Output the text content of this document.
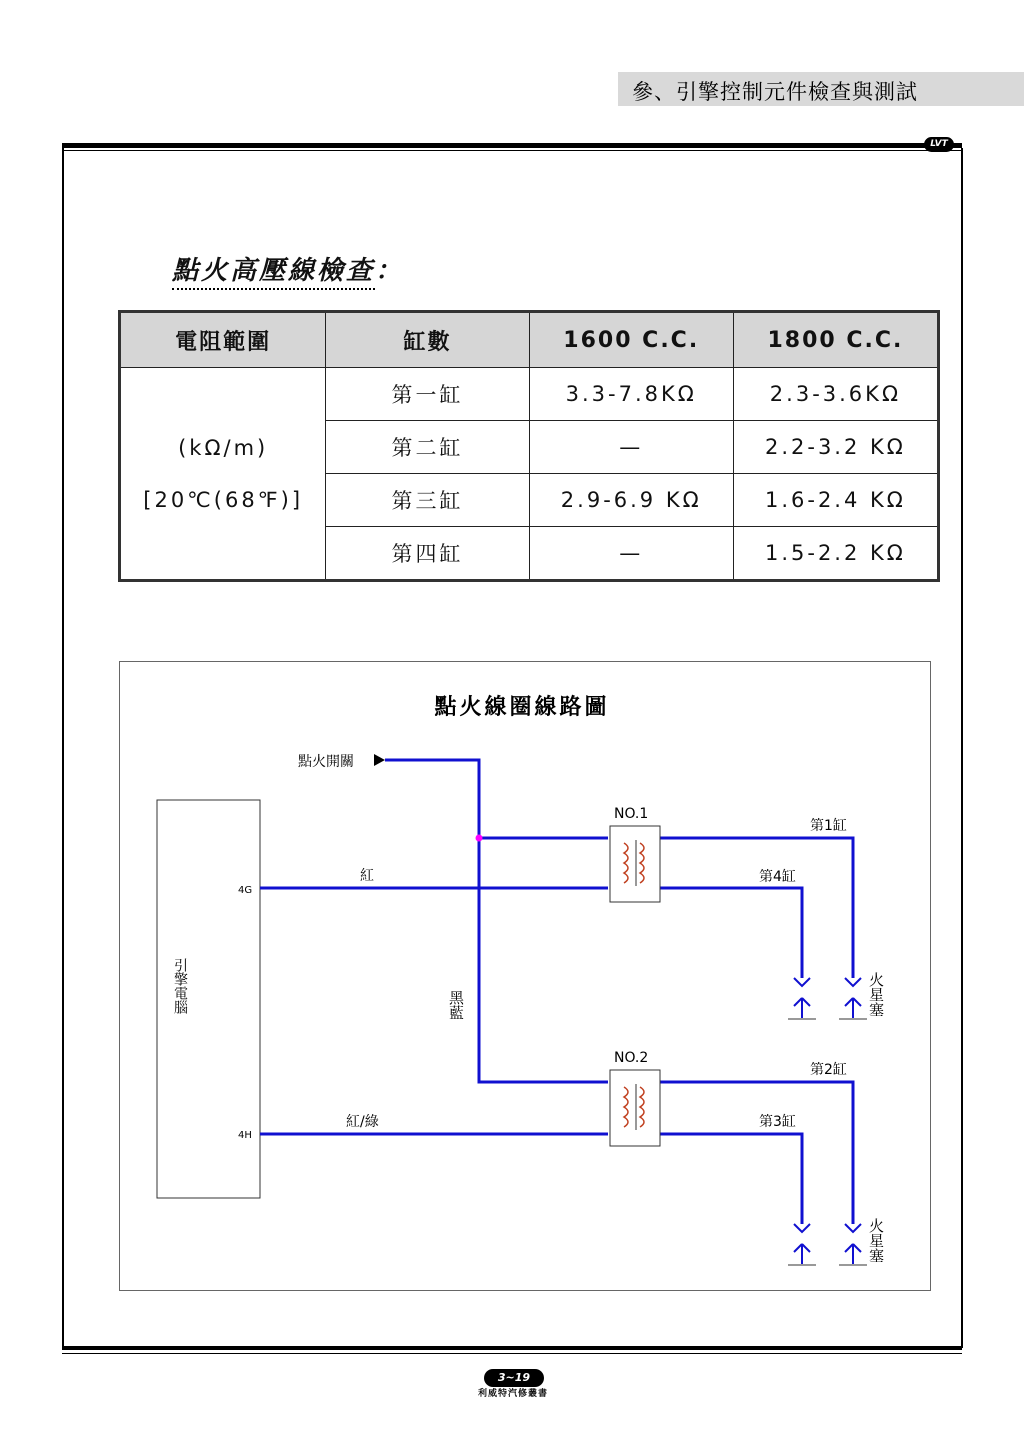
參、引擎控制元件檢查與測試
LVT
點火高壓線檢查：
電阻範圍	缸數	1600 C.C.	1800 C.C.

(kΩ/m)
[20℃(68℉)]	第一缸	3.3-7.8KΩ	2.3-3.6KΩ
	第二缸	—	2.2-3.2 KΩ
	第三缸	2.9-6.9 KΩ	1.6-2.4 KΩ
	第四缸	—	1.5-2.2 KΩ
點火線圈線路圖
點火開關
引擎電腦
4G
4H
紅
紅/綠
黑藍
NO.1
NO.2
第1缸
第4缸
第2缸
第3缸
火星塞
火星塞
3~19
利威特汽修叢書
